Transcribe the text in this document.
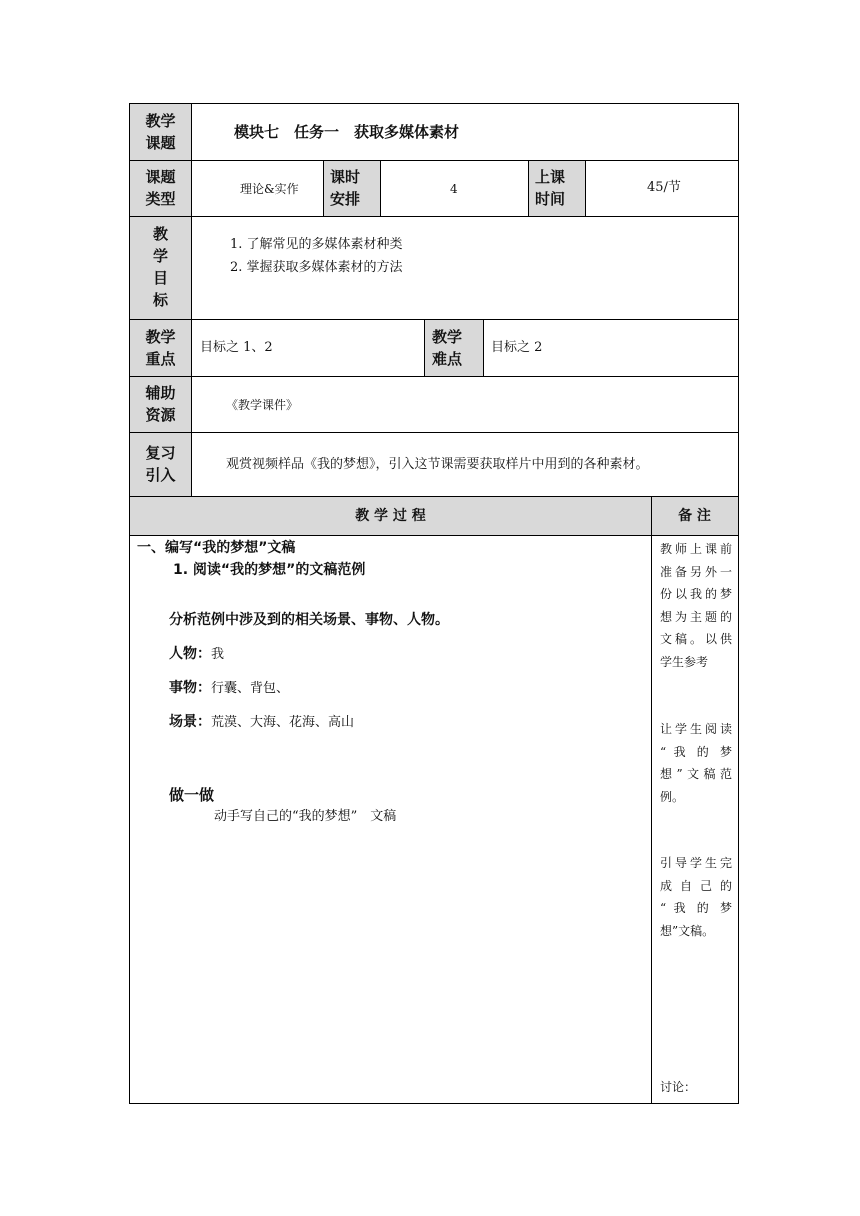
教学
课题
模块七　任务一　获取多媒体素材
课题
类型
理论&实作
课时
安排
4
上课
时间
45/节
教
学
目
标
1. 了解常见的多媒体素材种类
2. 掌握获取多媒体素材的方法
教学
重点
目标之 1、2
教学
难点
目标之 2
辅助
资源
《教学课件》
复习
引入
观赏视频样品《我的梦想》，引入这节课需要获取样片中用到的各种素材。
教 学 过 程	备 注
一、编写“我的梦想”文稿
1. 阅读“我的梦想”的文稿范例
分析范例中涉及到的相关场景、事物、人物。
人物：我
事物：行囊、背包、
场景：荒漠、大海、花海、高山
做一做
动手写自己的“我的梦想”　文稿
教师上课前
准备另外一
份以我的梦
想为主题的
文稿。以供
学生参考
让学生阅读
“ 我 的 梦
想”文稿范
例。
引导学生完
成 自 己 的
“ 我 的 梦
想”文稿。
讨论：
